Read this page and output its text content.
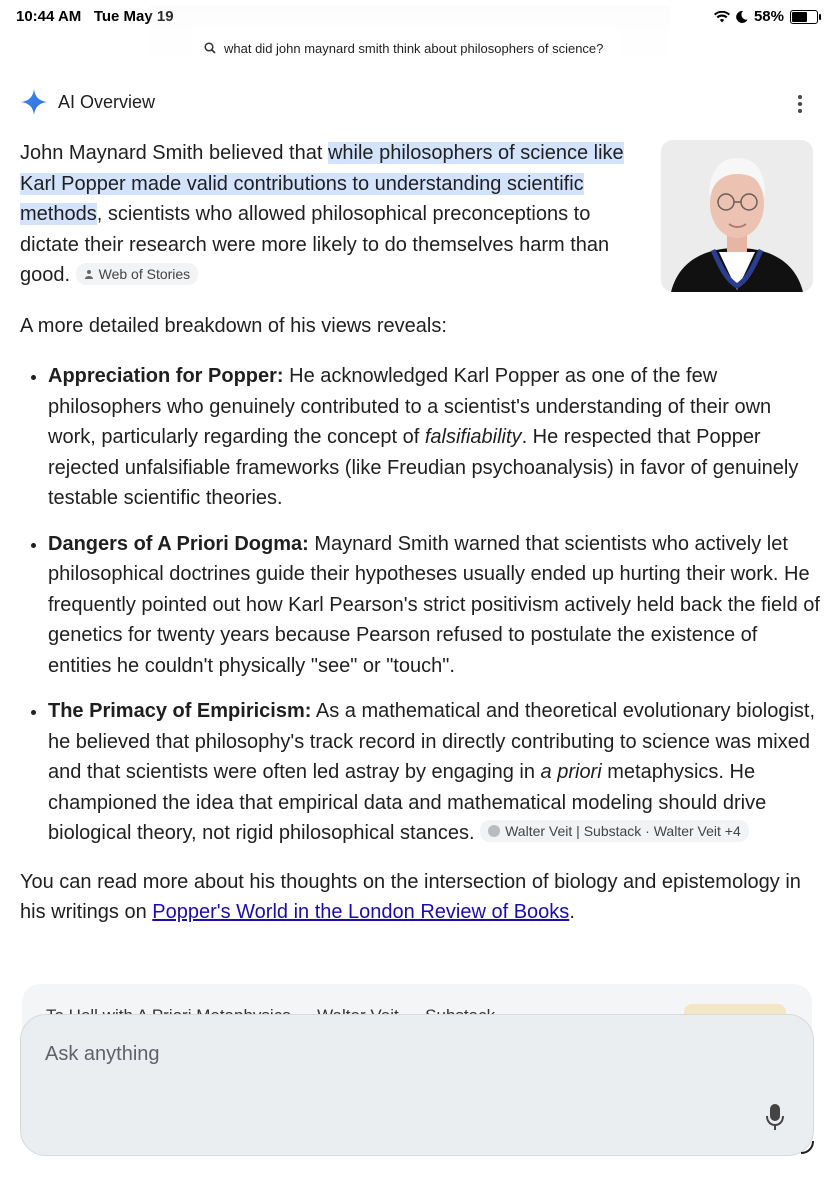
10:44 AM Tue May 19	58%
what did john maynard smith think about philosophers of science?
AI Overview

John Maynard Smith believed that while philosophers of science like Karl Popper made valid contributions to understanding scientific methods, scientists who allowed philosophical preconceptions to dictate their research were more likely to do themselves harm than good. Web of Stories

A more detailed breakdown of his views reveals:

• Appreciation for Popper: He acknowledged Karl Popper as one of the few philosophers who genuinely contributed to a scientist's understanding of their own work, particularly regarding the concept of falsifiability. He respected that Popper rejected unfalsifiable frameworks (like Freudian psychoanalysis) in favor of genuinely testable scientific theories.
• Dangers of A Priori Dogma: Maynard Smith warned that scientists who actively let philosophical doctrines guide their hypotheses usually ended up hurting their work. He frequently pointed out how Karl Pearson's strict positivism actively held back the field of genetics for twenty years because Pearson refused to postulate the existence of entities he couldn't physically "see" or "touch".
• The Primacy of Empiricism: As a mathematical and theoretical evolutionary biologist, he believed that philosophy's track record in directly contributing to science was mixed and that scientists were often led astray by engaging in a priori metaphysics. He championed the idea that empirical data and mathematical modeling should drive biological theory, not rigid philosophical stances. Walter Veit | Substack · Walter Veit +4

You can read more about his thoughts on the intersection of biology and epistemology in his writings on Popper's World in the London Review of Books.

Ask anything
